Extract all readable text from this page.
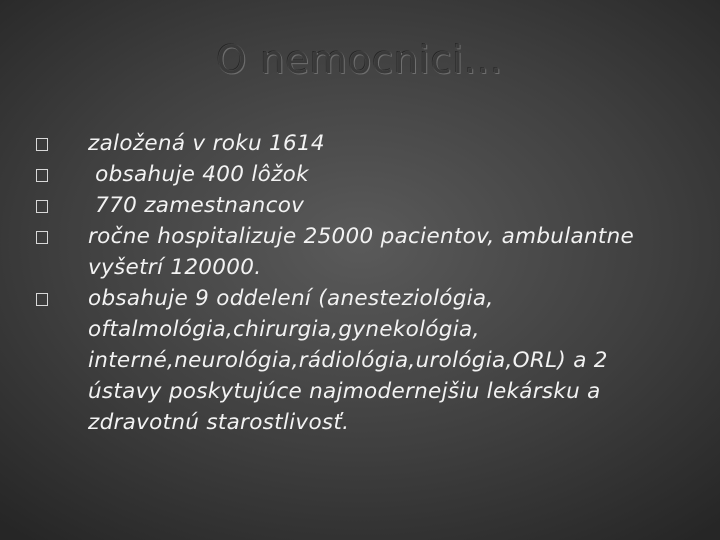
O nemocnici...
založená v roku 1614
obsahuje 400 lôžok
770 zamestnancov
ročne hospitalizuje 25000 pacientov, ambulantne vyšetrí 120000.
obsahuje 9 oddelení (anesteziológia, oftalmológia,chirurgia,gynekológia, interné,neurológia,rádiológia,urológia,ORL) a 2 ústavy poskytujúce najmodernejšiu lekársku a zdravotnú starostlivosť.
